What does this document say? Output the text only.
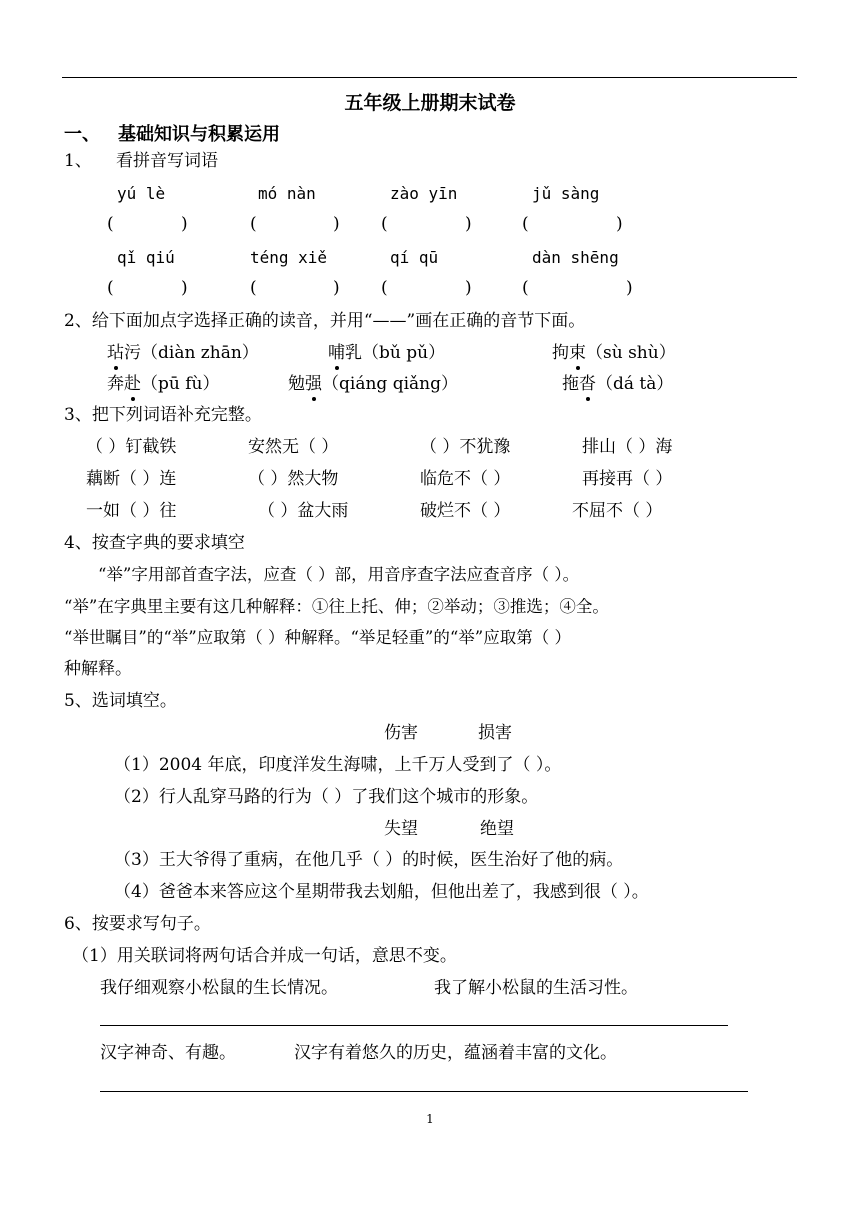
五年级上册期末试卷
一、 基础知识与积累运用
1、 看拼音写词语
yú lè	mó nàn	zào yīn	jǔ sàng
(	)	(	) (	)	(	)
qǐ qiú	téng xiě	qí qū	dàn shēng
(	)	(	) (	)	(	)
2、给下面加点字选择正确的读音，并用“——”画在正确的音节下面。
玷污（diàn zhān）	哺乳（bǔ pǔ）	拘束（sù shù）
奔赴（pū fù）	勉强（qiáng qiǎng）	拖沓（dá tà）
3、把下列词语补充完整。
（ ）钉截铁	安然无（ ）	（ ）不犹豫	排山（ ）海
藕断（ ）连	（ ）然大物	临危不（ ）	再接再（ ）
一如（ ）往	（ ）盆大雨	破烂不（ ）	不屈不（ ）
4、按查字典的要求填空
“举”字用部首查字法，应查（ ）部，用音序查字法应查音序（ ）。
“举”在字典里主要有这几种解释：①往上托、伸；②举动；③推选；④全。
“举世瞩目”的“举”应取第（ ）种解释。“举足轻重”的“举”应取第（ ）
种解释。
5、选词填空。
伤害	损害
（1）2004 年底，印度洋发生海啸，上千万人受到了（ ）。
（2）行人乱穿马路的行为（ ）了我们这个城市的形象。
失望	绝望
（3）王大爷得了重病，在他几乎（ ）的时候，医生治好了他的病。
（4）爸爸本来答应这个星期带我去划船，但他出差了，我感到很（ ）。
6、按要求写句子。
（1）用关联词将两句话合并成一句话，意思不变。
我仔细观察小松鼠的生长情况。	我了解小松鼠的生活习性。
汉字神奇、有趣。	汉字有着悠久的历史，蕴涵着丰富的文化。
1
